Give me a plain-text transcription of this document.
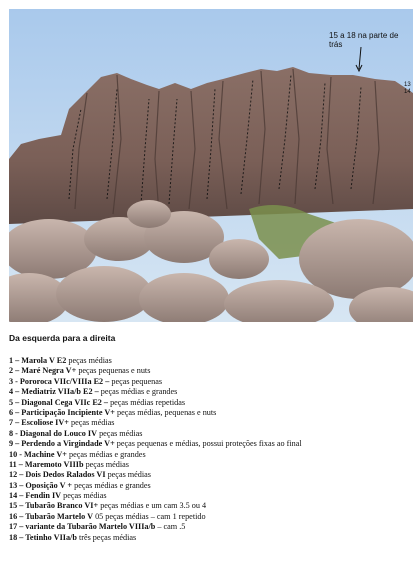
15 a 18 na parte de
trás
13
14
Da esquerda para a direita
1 – Marola V E2 peças médias
2 – Maré Negra V+ peças pequenas e nuts
3 - Pororoca VIIc/VIIIa E2 – peças pequenas
4 – Mediatriz VIIa/b E2 – peças médias e grandes
5 – Diagonal Cega VIIc E2 – peças médias repetidas
6 – Participação Incipiente V+ peças médias, pequenas e nuts
7 – Escoliose IV+ peças médias
8 - Diagonal do Louco IV peças médias
9 – Perdendo a Virgindade V+ peças pequenas e médias, possui proteções fixas ao final
10 - Machine V+ peças médias e grandes
11 – Maremoto VIIIb peças médias
12 – Dois Dedos Ralados VI peças médias
13 – Oposição V + peças médias e grandes
14 – Fendin IV peças médias
15 – Tubarão Branco VI+ peças médias e um cam 3.5 ou 4
16 – Tubarão Martelo V 05 peças médias – cam 1 repetido
17 – variante da Tubarão Martelo VIIIa/b – cam .5
18 – Tetinho VIIa/b três peças médias
